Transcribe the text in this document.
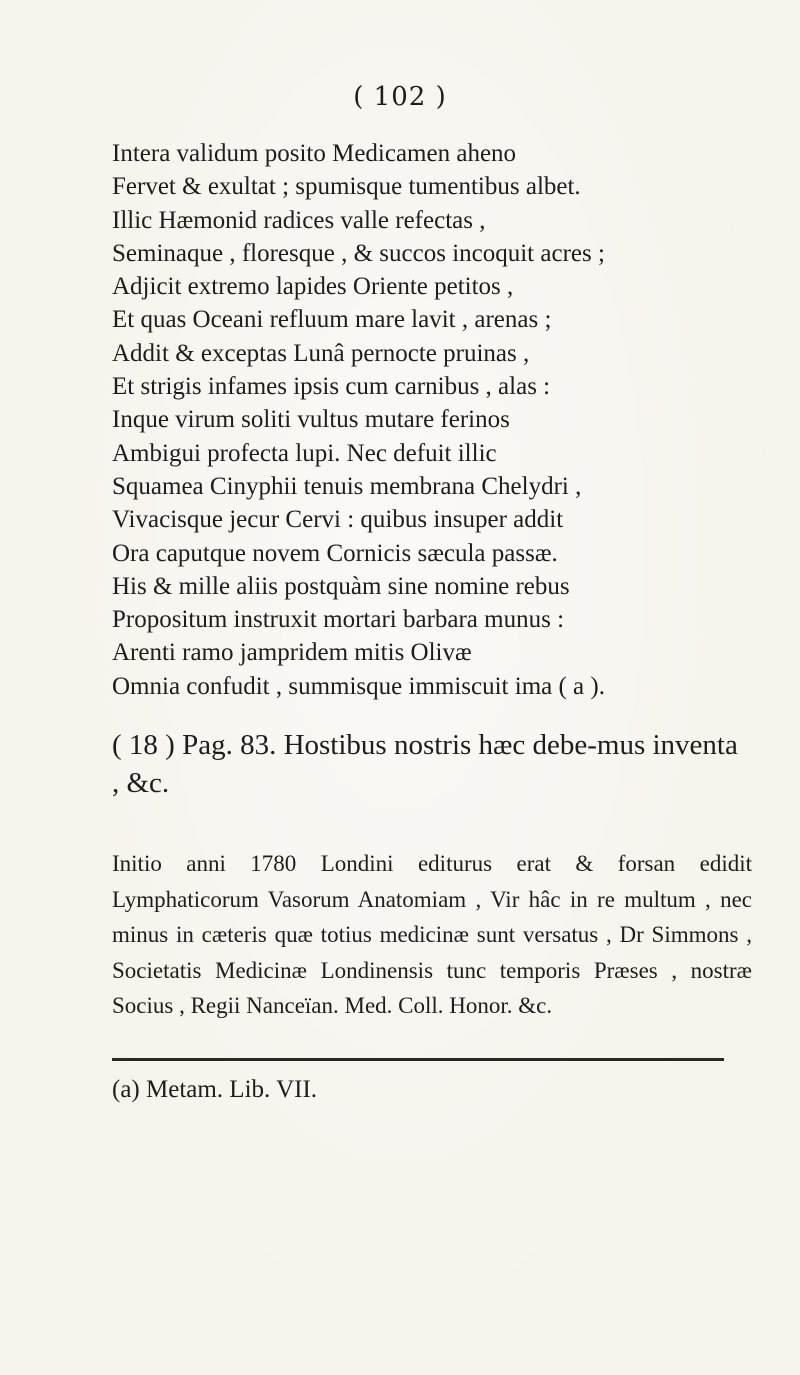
( 102 )
Intera validum posito Medicamen aheno
Fervet & exultat ; spumisque tumentibus albet.
Illic Hæmonid radices valle refectas ,
Seminaque , floresque , & succos incoquit acres ;
Adjicit extremo lapides Oriente petitos ,
Et quas Oceani refluum mare lavit , arenas ;
Addit & exceptas Lunâ pernocte pruinas ,
Et strigis infames ipsis cum carnibus , alas :
Inque virum soliti vultus mutare ferinos
Ambigui profecta lupi. Nec defuit illic
Squamea Cinyphii tenuis membrana Chelydri ,
Vivacisque jecur Cervi : quibus insuper addit
Ora caputque novem Cornicis sæcula passæ.
His & mille aliis postquàm sine nomine rebus
Propositum instruxit mortari barbara munus :
Arenti ramo jampridem mitis Olivæ
Omnia confudit , summisque immiscuit ima ( a ).
( 18 ) Pag. 83. Hostibus nostris hæc debe-mus inventa , &c.
Initio anni 1780 Londini editurus erat & forsan edidit Lymphaticorum Vasorum Anatomiam , Vir hâc in re multum , nec minus in cæteris quæ totius medicinæ sunt versatus , Dr Simmons , Societatis Medicinæ Londinensis tunc temporis Præses , nostræ Socius , Regii Nanceïan. Med. Coll. Honor. &c.
(a) Metam. Lib. VII.
